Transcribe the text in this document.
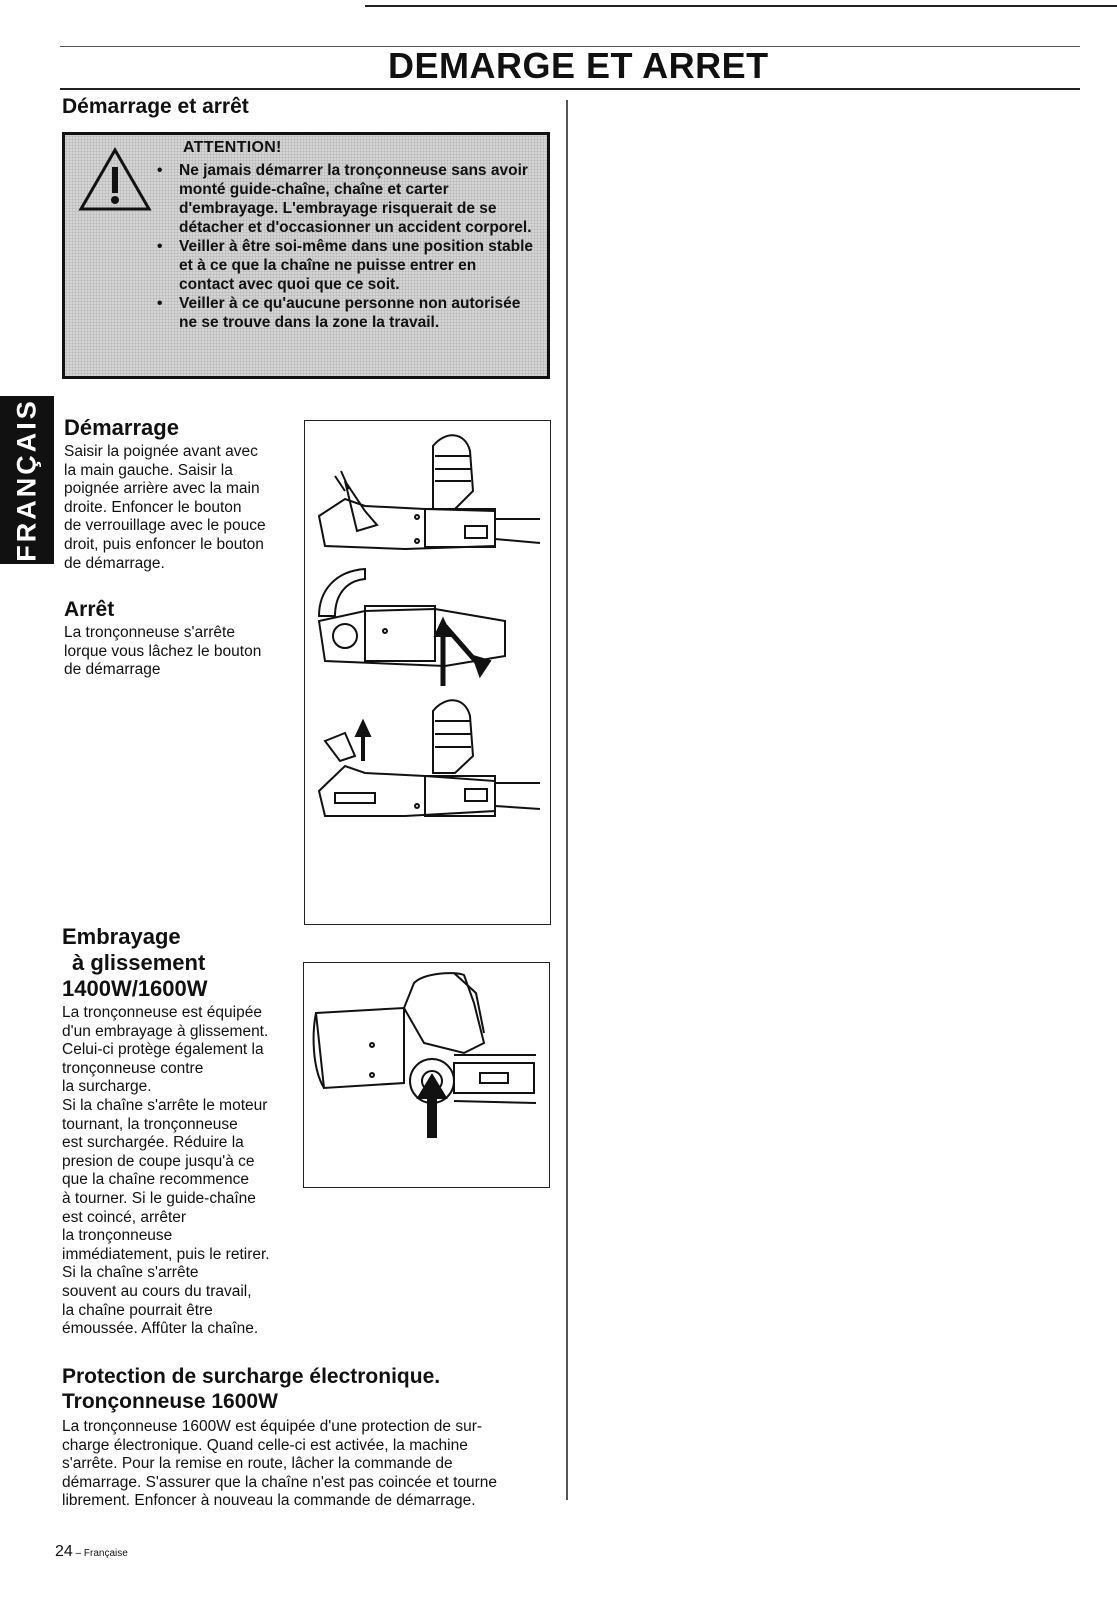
DEMARGE ET ARRET
Démarrage et arrêt
ATTENTION!
• Ne jamais démarrer la tronçonneuse sans avoir monté guide-chaîne, chaîne et carter d'embrayage. L'embrayage risquerait de se détacher et d'occasionner un accident corporel.
• Veiller à être soi-même dans une position stable et à ce que la chaîne ne puisse entrer en contact avec quoi que ce soit.
• Veiller à ce qu'aucune personne non autorisée ne se trouve dans la zone la travail.
FRANÇAIS Démarrage

Saisir la poignée avant avec

la main gauche. Saisir la

poignée arrière avec la main

droite. Enfoncer le bouton

de verrouillage avec le pouce

droit, puis enfoncer le bouton

de démarrage.

Arrêt

La tronçonneuse s'arrête

lorque vous lâchez le bouton

de démarrage

Embrayage
à glissement
1400W/1600W

La tronçonneuse est équipée

d'un embrayage à glissement.

Celui-ci protège également la

tronçonneuse contre

la surcharge.

Si la chaîne s'arrête le moteur

tournant, la tronçonneuse

est surchargée. Réduire la

presion de coupe jusqu'à ce

que la chaîne recommence

à tourner. Si le guide-chaîne

est coincé, arrêter

la tronçonneuse

immédiatement, puis le retirer.

Si la chaîne s'arrête

souvent au cours du travail,

la chaîne pourrait être

émoussée. Affûter la chaîne.

Protection de surcharge électronique.
Tronçonneuse 1600W

La tronçonneuse 1600W est équipée d'une protection de sur-

charge électronique. Quand celle-ci est activée, la machine

s'arrête. Pour la remise en route, lâcher la commande de

démarrage. S'assurer que la chaîne n'est pas coincée et tourne

librement. Enfoncer à nouveau la commande de démarrage.

24 – Française
